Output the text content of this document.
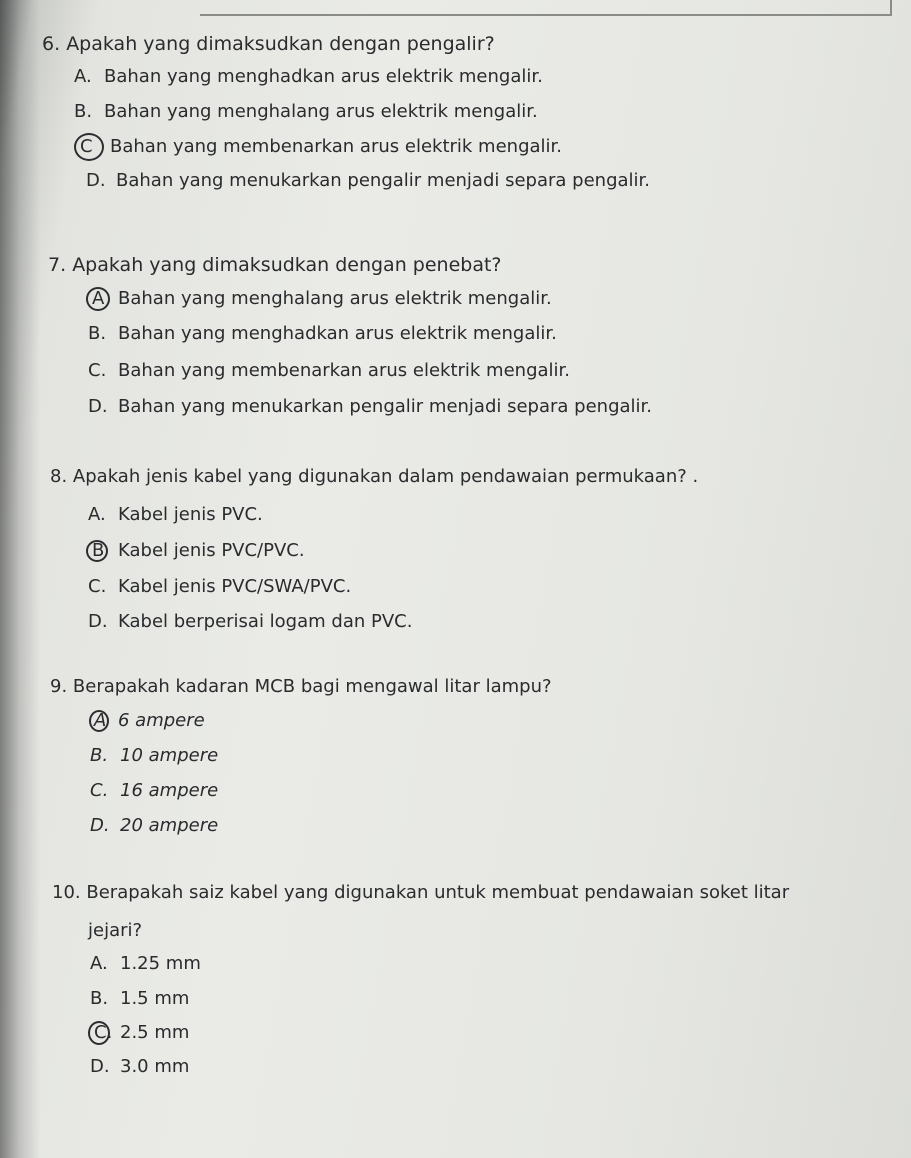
6. Apakah yang dimaksudkan dengan pengalir?
A. Bahan yang menghadkan arus elektrik mengalir.
B. Bahan yang menghalang arus elektrik mengalir.
C Bahan yang membenarkan arus elektrik mengalir.
D. Bahan yang menukarkan pengalir menjadi separa pengalir.
7. Apakah yang dimaksudkan dengan penebat?
A Bahan yang menghalang arus elektrik mengalir.
B. Bahan yang menghadkan arus elektrik mengalir.
C. Bahan yang membenarkan arus elektrik mengalir.
D. Bahan yang menukarkan pengalir menjadi separa pengalir.
8. Apakah jenis kabel yang digunakan dalam pendawaian permukaan? .
A. Kabel jenis PVC.
B Kabel jenis PVC/PVC.
C. Kabel jenis PVC/SWA/PVC.
D. Kabel berperisai logam dan PVC.
9. Berapakah kadaran MCB bagi mengawal litar lampu?
A 6 ampere
B. 10 ampere
C. 16 ampere
D. 20 ampere
10. Berapakah saiz kabel yang digunakan untuk membuat pendawaian soket litar
jejari?
A. 1.25 mm
B. 1.5 mm
C. 2.5 mm
D. 3.0 mm
